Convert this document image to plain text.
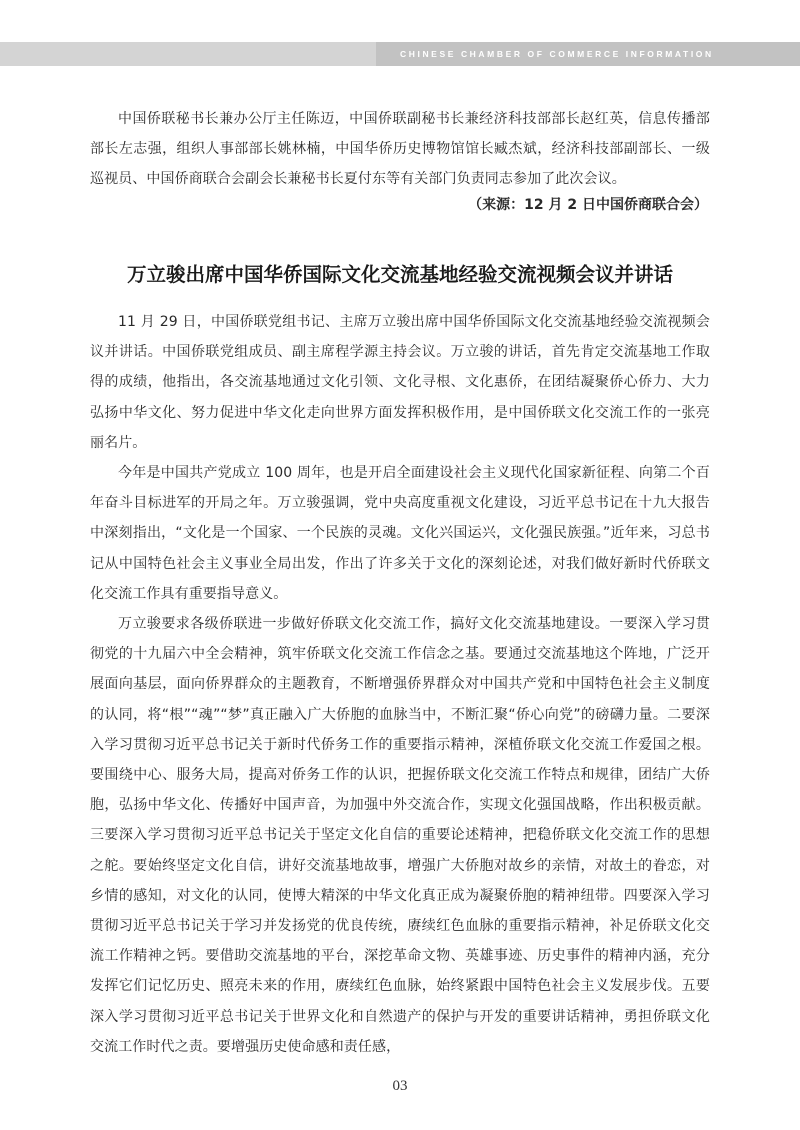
CHINESE CHAMBER OF COMMERCE INFORMATION

中国侨联秘书长兼办公厅主任陈迈，中国侨联副秘书长兼经济科技部部长赵红英，信息传播部部长左志强，组织人事部部长姚林楠，中国华侨历史博物馆馆长臧杰斌，经济科技部副部长、一级巡视员、中国侨商联合会副会长兼秘书长夏付东等有关部门负责同志参加了此次会议。

（来源：12 月 2 日中国侨商联合会）
万立骏出席中国华侨国际文化交流基地经验交流视频会议并讲话

11 月 29 日，中国侨联党组书记、主席万立骏出席中国华侨国际文化交流基地经验交流视频会议并讲话。中国侨联党组成员、副主席程学源主持会议。万立骏的讲话，首先肯定交流基地工作取得的成绩，他指出，各交流基地通过文化引领、文化寻根、文化惠侨，在团结凝聚侨心侨力、大力弘扬中华文化、努力促进中华文化走向世界方面发挥积极作用，是中国侨联文化交流工作的一张亮丽名片。

今年是中国共产党成立 100 周年，也是开启全面建设社会主义现代化国家新征程、向第二个百年奋斗目标进军的开局之年。万立骏强调，党中央高度重视文化建设，习近平总书记在十九大报告中深刻指出，“文化是一个国家、一个民族的灵魂。文化兴国运兴，文化强民族强。”近年来，习总书记从中国特色社会主义事业全局出发，作出了许多关于文化的深刻论述，对我们做好新时代侨联文化交流工作具有重要指导意义。

万立骏要求各级侨联进一步做好侨联文化交流工作，搞好文化交流基地建设。一要深入学习贯彻党的十九届六中全会精神，筑牢侨联文化交流工作信念之基。要通过交流基地这个阵地，广泛开展面向基层，面向侨界群众的主题教育，不断增强侨界群众对中国共产党和中国特色社会主义制度的认同，将“根”“魂”“梦”真正融入广大侨胞的血脉当中，不断汇聚“侨心向党”的磅礴力量。二要深入学习贯彻习近平总书记关于新时代侨务工作的重要指示精神，深植侨联文化交流工作爱国之根。要围绕中心、服务大局，提高对侨务工作的认识，把握侨联文化交流工作特点和规律，团结广大侨胞，弘扬中华文化、传播好中国声音，为加强中外交流合作，实现文化强国战略，作出积极贡献。三要深入学习贯彻习近平总书记关于坚定文化自信的重要论述精神，把稳侨联文化交流工作的思想之舵。要始终坚定文化自信，讲好交流基地故事，增强广大侨胞对故乡的亲情，对故土的眷恋，对乡情的感知，对文化的认同，使博大精深的中华文化真正成为凝聚侨胞的精神纽带。四要深入学习贯彻习近平总书记关于学习并发扬党的优良传统，赓续红色血脉的重要指示精神，补足侨联文化交流工作精神之钙。要借助交流基地的平台，深挖革命文物、英雄事迹、历史事件的精神内涵，充分发挥它们记忆历史、照亮未来的作用，赓续红色血脉，始终紧跟中国特色社会主义发展步伐。五要深入学习贯彻习近平总书记关于世界文化和自然遗产的保护与开发的重要讲话精神，勇担侨联文化交流工作时代之责。要增强历史使命感和责任感，

03
